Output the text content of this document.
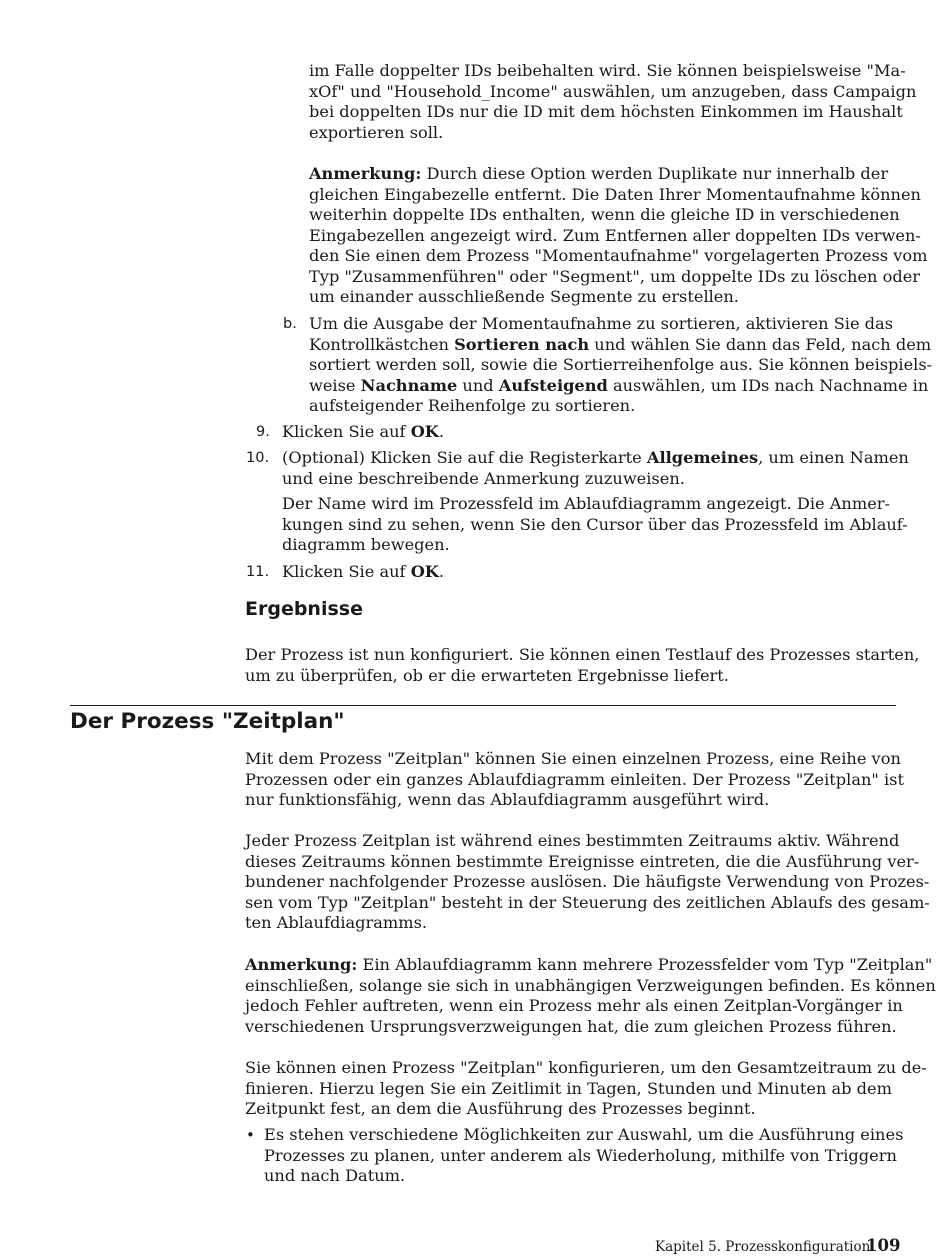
im Falle doppelter IDs beibehalten wird. Sie können beispielsweise "Ma-
xOf" und "Household_Income" auswählen, um anzugeben, dass Campaign
bei doppelten IDs nur die ID mit dem höchsten Einkommen im Haushalt
exportieren soll.
Anmerkung: Durch diese Option werden Duplikate nur innerhalb der
gleichen Eingabezelle entfernt. Die Daten Ihrer Momentaufnahme können
weiterhin doppelte IDs enthalten, wenn die gleiche ID in verschiedenen
Eingabezellen angezeigt wird. Zum Entfernen aller doppelten IDs verwen-
den Sie einen dem Prozess "Momentaufnahme" vorgelagerten Prozess vom
Typ "Zusammenführen" oder "Segment", um doppelte IDs zu löschen oder
um einander ausschließende Segmente zu erstellen.
b. Um die Ausgabe der Momentaufnahme zu sortieren, aktivieren Sie das
Kontrollkästchen Sortieren nach und wählen Sie dann das Feld, nach dem
sortiert werden soll, sowie die Sortierreihenfolge aus. Sie können beispiels-
weise Nachname und Aufsteigend auswählen, um IDs nach Nachname in
aufsteigender Reihenfolge zu sortieren.
9. Klicken Sie auf OK.
10. (Optional) Klicken Sie auf die Registerkarte Allgemeines, um einen Namen
und eine beschreibende Anmerkung zuzuweisen.
Der Name wird im Prozessfeld im Ablaufdiagramm angezeigt. Die Anmer-
kungen sind zu sehen, wenn Sie den Cursor über das Prozessfeld im Ablauf-
diagramm bewegen.
11. Klicken Sie auf OK.
Ergebnisse
Der Prozess ist nun konfiguriert. Sie können einen Testlauf des Prozesses starten,
um zu überprüfen, ob er die erwarteten Ergebnisse liefert.
Der Prozess "Zeitplan"
Mit dem Prozess "Zeitplan" können Sie einen einzelnen Prozess, eine Reihe von
Prozessen oder ein ganzes Ablaufdiagramm einleiten. Der Prozess "Zeitplan" ist
nur funktionsfähig, wenn das Ablaufdiagramm ausgeführt wird.
Jeder Prozess Zeitplan ist während eines bestimmten Zeitraums aktiv. Während
dieses Zeitraums können bestimmte Ereignisse eintreten, die die Ausführung ver-
bundener nachfolgender Prozesse auslösen. Die häufigste Verwendung von Prozes-
sen vom Typ "Zeitplan" besteht in der Steuerung des zeitlichen Ablaufs des gesam-
ten Ablaufdiagramms.
Anmerkung: Ein Ablaufdiagramm kann mehrere Prozessfelder vom Typ "Zeitplan"
einschließen, solange sie sich in unabhängigen Verzweigungen befinden. Es können
jedoch Fehler auftreten, wenn ein Prozess mehr als einen Zeitplan-Vorgänger in
verschiedenen Ursprungsverzweigungen hat, die zum gleichen Prozess führen.
Sie können einen Prozess "Zeitplan" konfigurieren, um den Gesamtzeitraum zu de-
finieren. Hierzu legen Sie ein Zeitlimit in Tagen, Stunden und Minuten ab dem
Zeitpunkt fest, an dem die Ausführung des Prozesses beginnt.
• Es stehen verschiedene Möglichkeiten zur Auswahl, um die Ausführung eines
Prozesses zu planen, unter anderem als Wiederholung, mithilfe von Triggern
und nach Datum.
Kapitel 5. Prozesskonfiguration
109
